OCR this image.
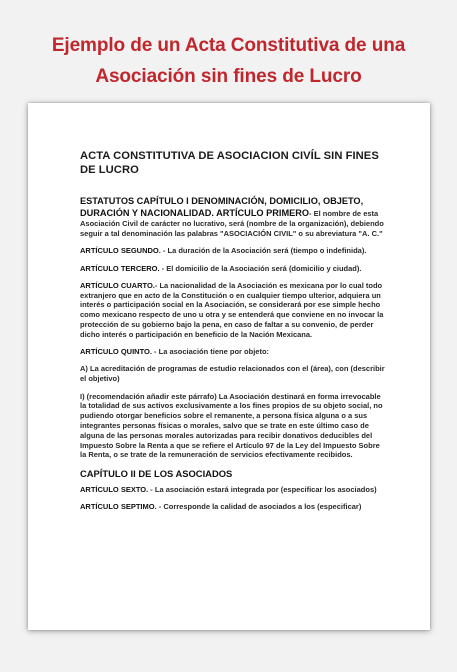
Ejemplo de un Acta Constitutiva de una
Asociación sin fines de Lucro
ACTA CONSTITUTIVA DE ASOCIACION CIVÍL SIN FINES DE LUCRO
ESTATUTOS CAPÍTULO I DENOMINACIÓN, DOMICILIO, OBJETO, DURACIÓN Y NACIONALIDAD. ARTÍCULO PRIMERO- El nombre de esta Asociación Civil de carácter no lucrativo, será (nombre de la organización), debiendo seguir a tal denominación las palabras "ASOCIACIÓN CIVIL" o su abreviatura "A. C."
ARTÍCULO SEGUNDO. - La duración de la Asociación será (tiempo o indefinida).
ARTÍCULO TERCERO. - El domicilio de la Asociación será (domicilio y ciudad).
ARTÍCULO CUARTO.- La nacionalidad de la Asociación es mexicana por lo cual todo extranjero que en acto de la Constitución o en cualquier tiempo ulterior, adquiera un interés o participación social en la Asociación, se considerará por ese simple hecho como mexicano respecto de uno u otra y se entenderá que conviene en no invocar la protección de su gobierno bajo la pena, en caso de faltar a su convenio, de perder dicho interés o participación en beneficio de la Nación Mexicana.
ARTÍCULO QUINTO. - La asociación tiene por objeto:
A) La acreditación de programas de estudio relacionados con el (área), con (describir el objetivo)
I) (recomendación añadir este párrafo) La Asociación destinará en forma irrevocable la totalidad de sus activos exclusivamente a los fines propios de su objeto social, no pudiendo otorgar beneficios sobre el remanente, a persona física alguna o a sus integrantes personas físicas o morales, salvo que se trate en este último caso de alguna de las personas morales autorizadas para recibir donativos deducibles del Impuesto Sobre la Renta a que se refiere el Artículo 97 de la Ley del Impuesto Sobre la Renta, o se trate de la remuneración de servicios efectivamente recibidos.
CAPÍTULO II DE LOS ASOCIADOS
ARTÍCULO SEXTO. - La asociación estará integrada por (especificar los asociados)
ARTÍCULO SEPTIMO. - Corresponde la calidad de asociados a los (especificar)
